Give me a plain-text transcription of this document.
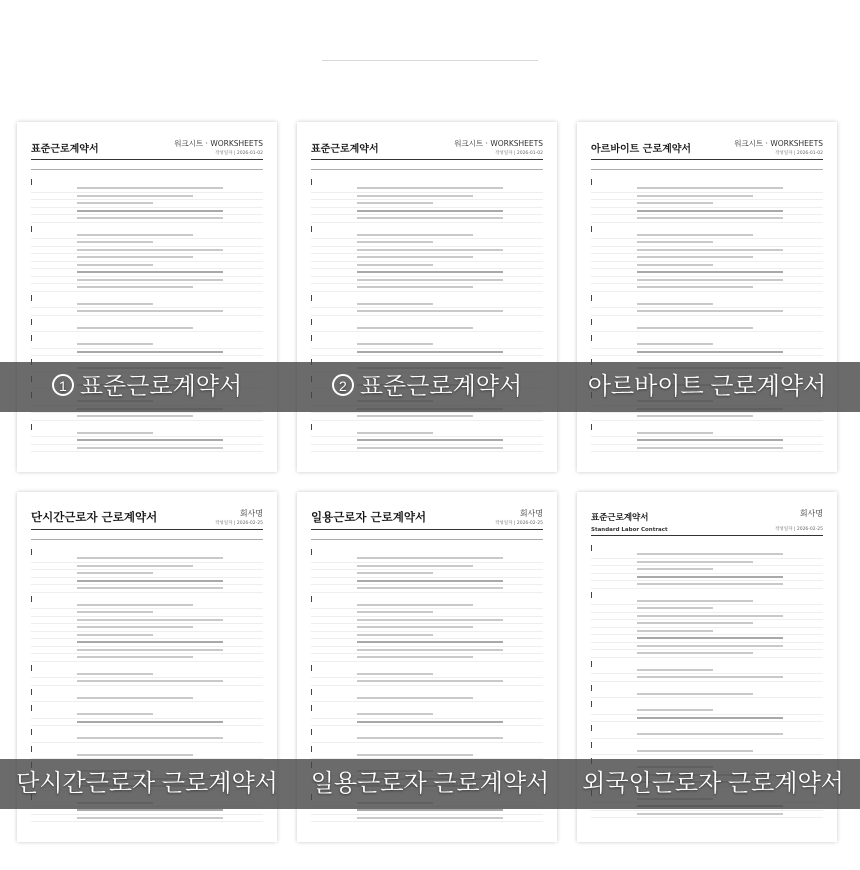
표준근로계약서
워크시트 · WORKSHEETS
작성일자 | 2026-01-02	표준근로계약서
워크시트 · WORKSHEETS
작성일자 | 2026-01-02	아르바이트 근로계약서
워크시트 · WORKSHEETS
작성일자 | 2026-01-02
단시간근로자 근로계약서	회사명
작성일자 | 2026-02-25	일용근로자 근로계약서	회사명
작성일자 | 2026-02-25
표준근로계약서
Standard Labor Contract
회사명
작성일자 | 2026-02-25
1 표준근로계약서	2 표준근로계약서	아르바이트 근로계약서
단시간근로자 근로계약서	일용근로자 근로계약서	외국인근로자 근로계약서
